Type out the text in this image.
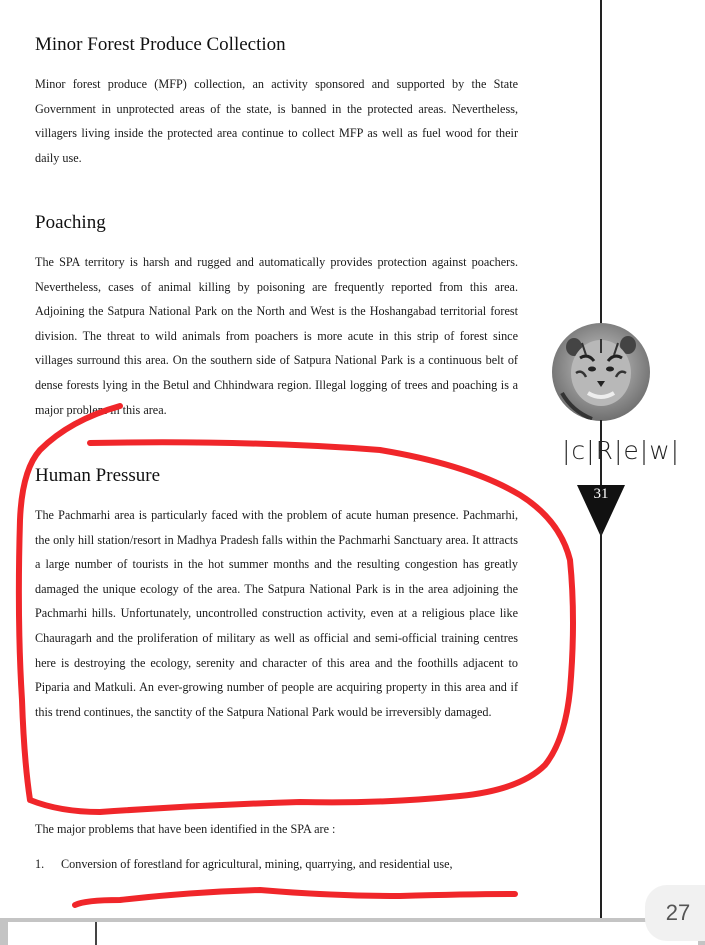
Minor Forest Produce Collection

Minor forest produce (MFP) collection, an activity sponsored and supported by the State Government in unprotected areas of the state, is banned in the protected areas. Nevertheless, villagers living inside the protected area continue to collect MFP as well as fuel wood for their daily use.

Poaching

The SPA territory is harsh and rugged and automatically provides protection against poachers. Nevertheless, cases of animal killing by poisoning are frequently reported from this area. Adjoining the Satpura National Park on the North and West is the Hoshangabad territorial forest division. The threat to wild animals from poachers is more acute in this strip of forest since villages surround this area. On the southern side of Satpura National Park is a continuous belt of dense forests lying in the Betul and Chhindwara region. Illegal logging of trees and poaching is a major problem in this area.

Human Pressure

The Pachmarhi area is particularly faced with the problem of acute human presence. Pachmarhi, the only hill station/resort in Madhya Pradesh falls within the Pachmarhi Sanctuary area. It attracts a large number of tourists in the hot summer months and the resulting congestion has greatly damaged the unique ecology of the area. The Satpura National Park is in the area adjoining the Pachmarhi hills. Unfortunately, uncontrolled construction activity, even at a religious place like Chauragarh and the proliferation of military as well as official and semi-official training centres here is destroying the ecology, serenity and character of this area and the foothills adjacent to Piparia and Matkuli. An ever-growing number of people are acquiring property in this area and if this trend continues, the sanctity of the Satpura National Park would be irreversibly damaged.

The major problems that have been identified in the SPA are :

1. Conversion of forestland for agricultural, mining, quarrying, and residential use,
|c|R|e|w|
31
27
